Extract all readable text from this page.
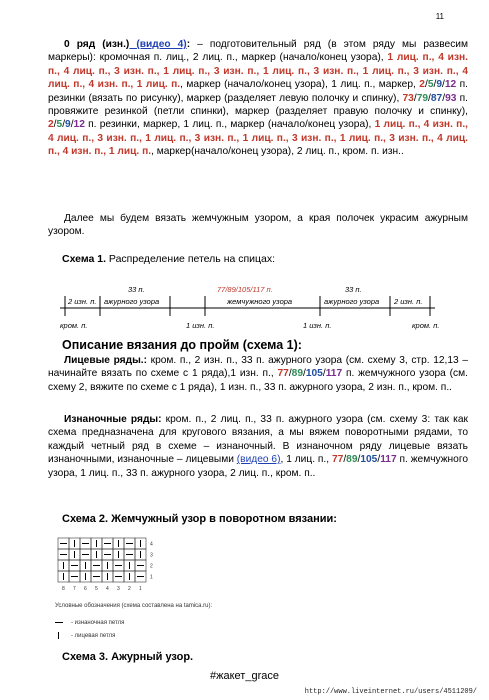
11
0 ряд (изн.) (видео 4): – подготовительный ряд (в этом ряду мы развесим маркеры): кромочная п. лиц., 2 лиц. п., маркер (начало/конец узора), 1 лиц. п., 4 изн. п., 4 лиц. п., 3 изн. п., 1 лиц. п., 3 изн. п., 1 лиц. п., 3 изн. п., 1 лиц. п., 3 изн. п., 4 лиц. п., 4 изн. п., 1 лиц. п., маркер (начало/конец узора), 1 лиц. п., маркер, 2/5/9/12 п. резинки (вязать по рисунку), маркер (разделяет левую полочку и спинку), 73/79/87/93 п. провяжите резинкой (петли спинки), маркер (разделяет правую полочку и спинку), 2/5/9/12 п. резинки, маркер, 1 лиц. п., маркер (начало/конец узора), 1 лиц. п., 4 изн. п., 4 лиц. п., 3 изн. п., 1 лиц. п., 3 изн. п., 1 лиц. п., 3 изн. п., 1 лиц. п., 3 изн. п., 4 лиц. п., 4 изн. п., 1 лиц. п., маркер(начало/конец узора), 2 лиц. п., кром. п. изн..
Далее мы будем вязать жемчужным узором, а края полочек украсим ажурным узором.
Схема 1. Распределение петель на спицах:
2 изн. п.
33 п.
ажурного узора
77/89/105/117 п.
жемчужного узора
33 п.
ажурного узора 2 изн. п.
кром. п.	1 изн. п.	1 изн. п.	кром. п.
Описание вязания до пройм (схема 1):
Лицевые ряды.: кром. п., 2 изн. п., 33 п. ажурного узора (см. схему 3, стр. 12,13 – начинайте вязать по схеме с 1 ряда),1 изн. п., 77/89/105/117 п. жемчужного узора (см. схему 2, вяжите по схеме с 1 ряда), 1 изн. п., 33 п. ажурного узора, 2 изн. п., кром. п..
Изнаночные ряды: кром. п., 2 лиц. п., 33 п. ажурного узора (см. схему 3: так как схема предназначена для кругового вязания, а мы вяжем поворотными рядами, то каждый четный ряд в схеме – изнаночный. В изнаночном ряду лицевые вязать изнаночными, изнаночные – лицевыми (видео 6), 1 лиц. п., 77/89/105/117 п. жемчужного узора, 1 лиц. п., 33 п. ажурного узора, 2 лиц. п., кром. п..
Схема 2. Жемчужный узор в поворотном вязании:
4
3
2
1
8 7 6 5 4 3 2 1
Условные обозначения (схема составлена на tamica.ru):
- изнаночная петля
- лицевая петля
Схема 3. Ажурный узор.
#жакет_grace
http://www.liveinternet.ru/users/4511209/
